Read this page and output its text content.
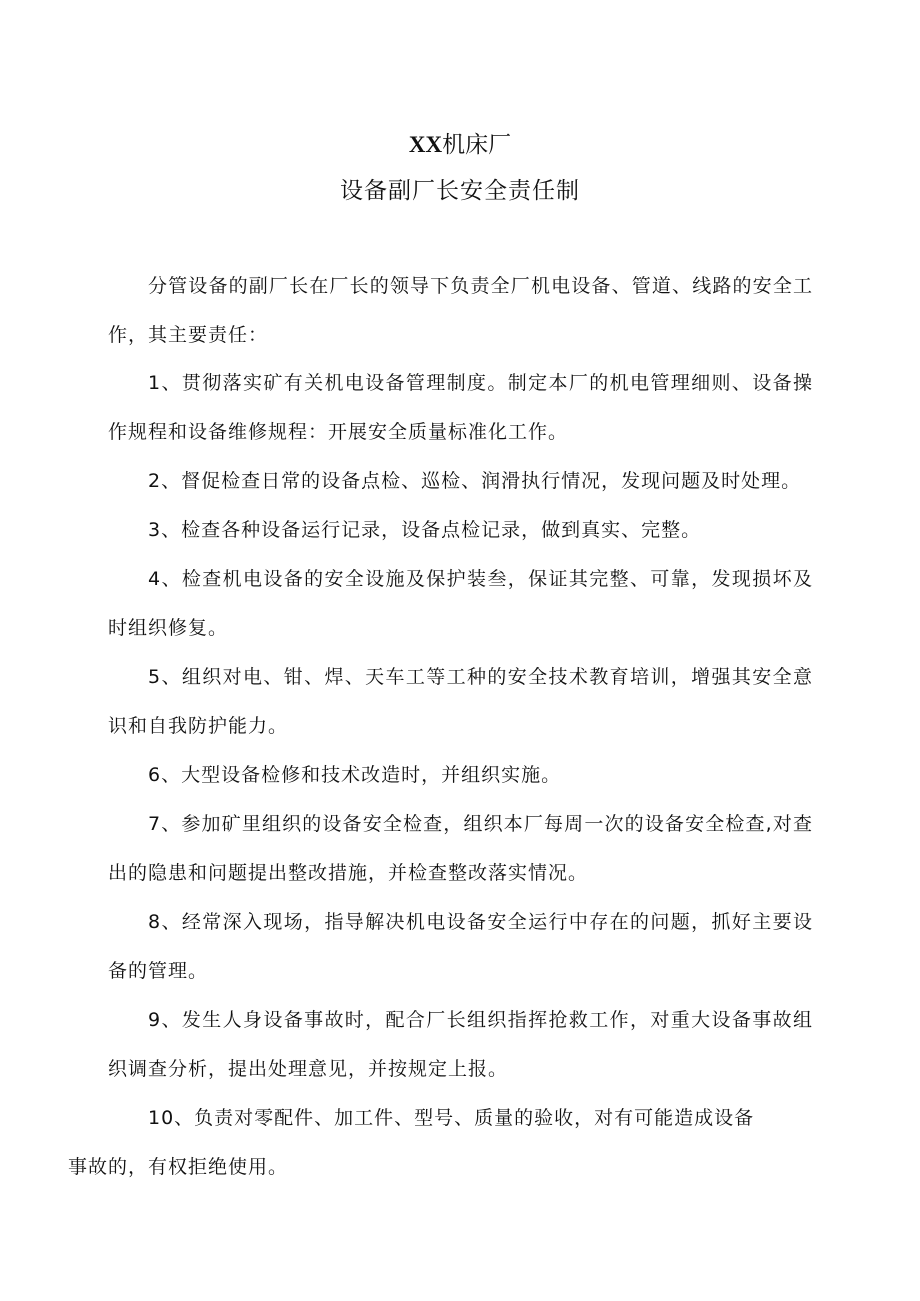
XX机床厂
设备副厂长安全责任制

分管设备的副厂长在厂长的领导下负责全厂机电设备、管道、线路的安全工作，其主要责任：

1、贯彻落实矿有关机电设备管理制度。制定本厂的机电管理细则、设备操作规程和设备维修规程：开展安全质量标准化工作。

2、督促检查日常的设备点检、巡检、润滑执行情况，发现问题及时处理。

3、检查各种设备运行记录，设备点检记录，做到真实、完整。

4、检查机电设备的安全设施及保护装叁，保证其完整、可靠，发现损坏及时组织修复。

5、组织对电、钳、焊、天车工等工种的安全技术教育培训，增强其安全意识和自我防护能力。

6、大型设备检修和技术改造时，并组织实施。

7、参加矿里组织的设备安全检查，组织本厂每周一次的设备安全检查,对查出的隐患和问题提出整改措施，并检查整改落实情况。

8、经常深入现场，指导解决机电设备安全运行中存在的问题，抓好主要设备的管理。

9、发生人身设备事故时，配合厂长组织指挥抢救工作，对重大设备事故组织调查分析，提出处理意见，并按规定上报。

10、负责对零配件、加工件、型号、质量的验收，对有可能造成设备
事故的，有权拒绝使用。
